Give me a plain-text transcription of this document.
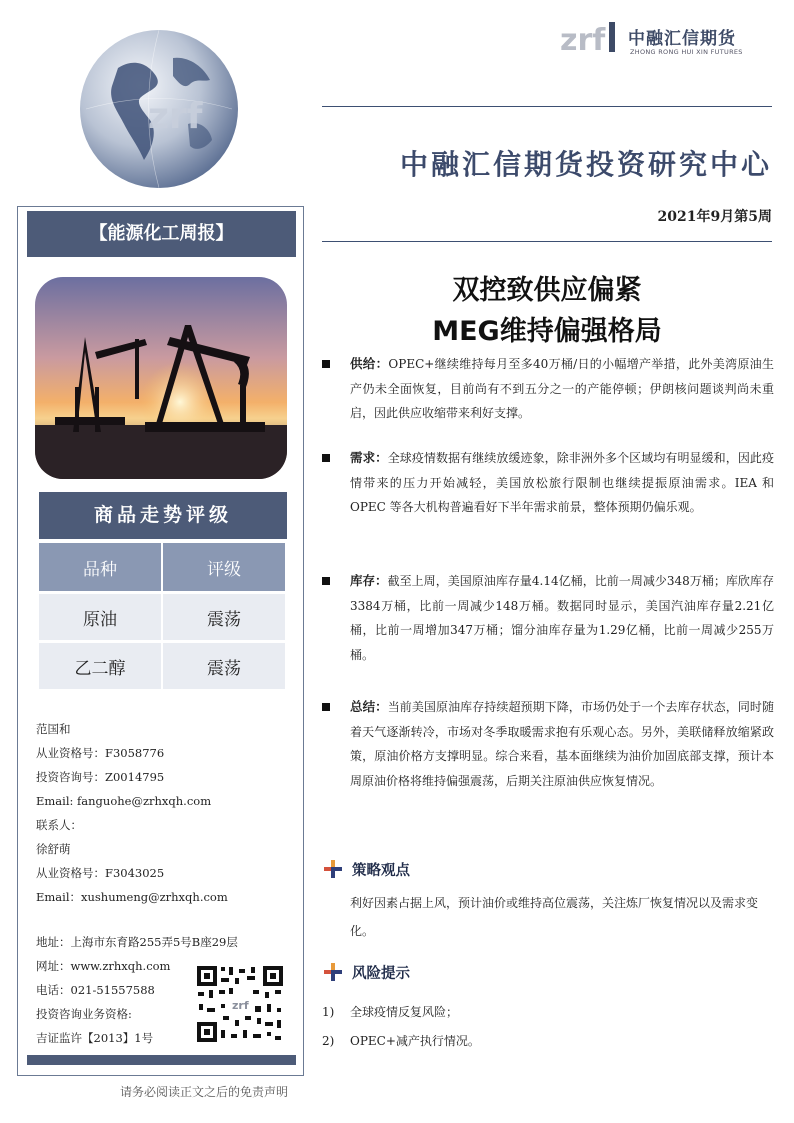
zrf
zrf 中融汇信期货
ZHONG RONG HUI XIN FUTURES
中融汇信期货投资研究中心
2021年9月第5周
双控致供应偏紧
MEG维持偏强格局
【能源化工周报】
商品走势评级
品种	评级
原油	震荡
乙二醇	震荡
范国和
从业资格号：F3058776
投资咨询号：Z0014795
Email: fanguohe@zrhxqh.com
联系人：
徐舒萌
从业资格号：F3043025
Email：xushumeng@zrhxqh.com
地址：上海市东育路255弄5号B座29层
网址：www.zrhxqh.com
电话：021-51557588
投资咨询业务资格:
吉证监许【2013】1号
zrf
请务必阅读正文之后的免责声明
供给：OPEC+继续维持每月至多40万桶/日的小幅增产举措，此外美湾原油生产仍未全面恢复，目前尚有不到五分之一的产能停顿；伊朗核问题谈判尚未重启，因此供应收缩带来利好支撑。
需求：全球疫情数据有继续放缓迹象，除非洲外多个区域均有明显缓和，因此疫情带来的压力开始减轻，美国放松旅行限制也继续提振原油需求。IEA 和 OPEC 等各大机构普遍看好下半年需求前景，整体预期仍偏乐观。
库存：截至上周，美国原油库存量4.14亿桶，比前一周减少348万桶；库欣库存3384万桶，比前一周减少148万桶。数据同时显示，美国汽油库存量2.21亿桶，比前一周增加347万桶；馏分油库存量为1.29亿桶，比前一周减少255万桶。
总结：当前美国原油库存持续超预期下降，市场仍处于一个去库存状态，同时随着天气逐渐转冷，市场对冬季取暖需求抱有乐观心态。另外，美联储释放缩紧政策，原油价格方支撑明显。综合来看，基本面继续为油价加固底部支撑，预计本周原油价格将维持偏强震荡，后期关注原油供应恢复情况。
策略观点
利好因素占据上风，预计油价或维持高位震荡，关注炼厂恢复情况以及需求变化。
风险提示
1) 全球疫情反复风险；
2) OPEC+减产执行情况。
